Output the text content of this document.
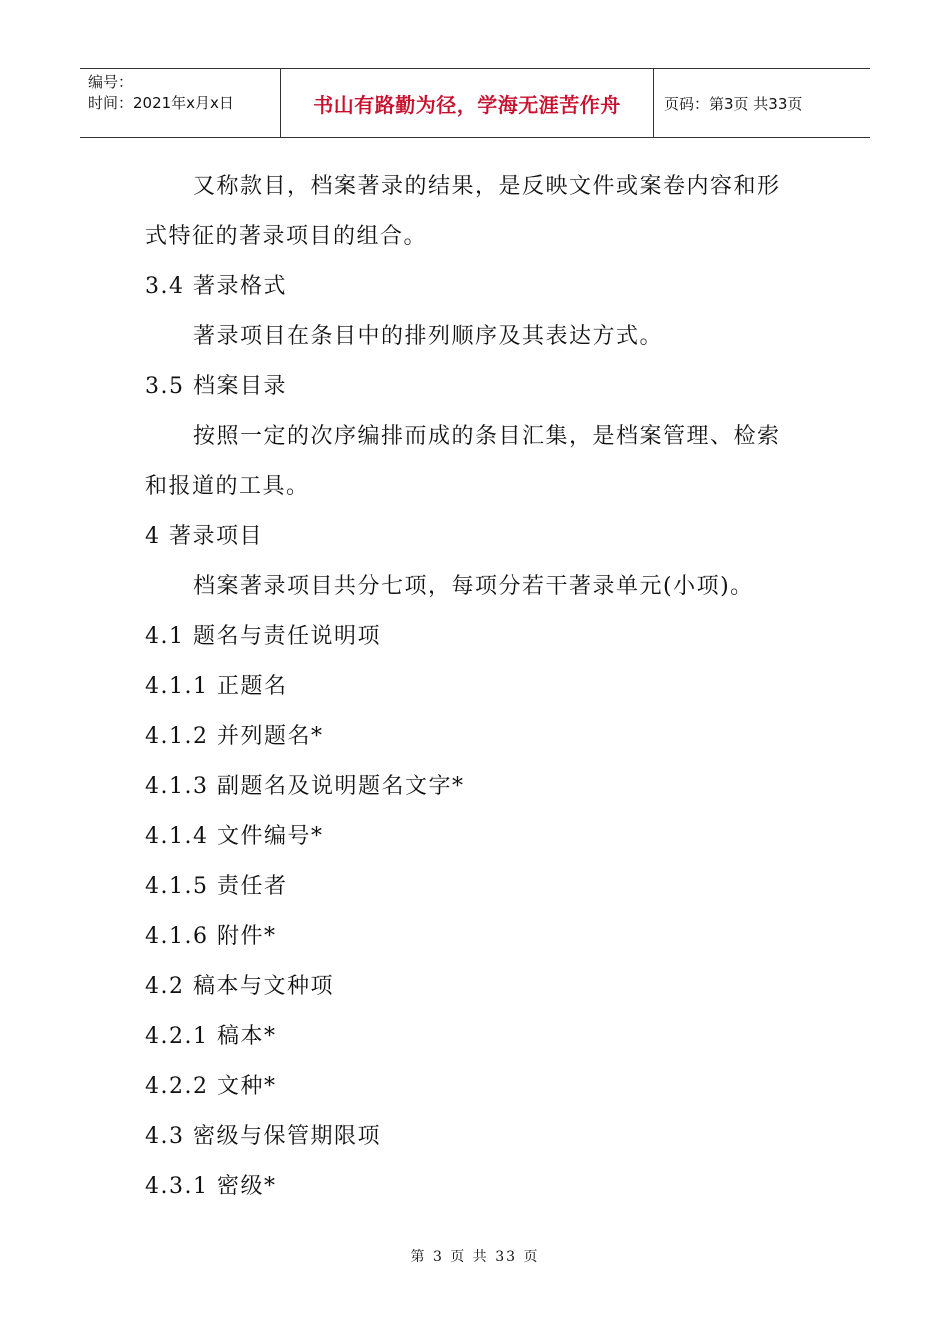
编号：
时间：2021年x月x日	书山有路勤为径，学海无涯苦作舟	页码：第3页 共33页
又称款目，档案著录的结果，是反映文件或案卷内容和形
式特征的著录项目的组合。
3.4 著录格式
著录项目在条目中的排列顺序及其表达方式。
3.5 档案目录
按照一定的次序编排而成的条目汇集，是档案管理、检索
和报道的工具。
4 著录项目
档案著录项目共分七项，每项分若干著录单元(小项)。
4.1 题名与责任说明项
4.1.1 正题名
4.1.2 并列题名*
4.1.3 副题名及说明题名文字*
4.1.4 文件编号*
4.1.5 责任者
4.1.6 附件*
4.2 稿本与文种项
4.2.1 稿本*
4.2.2 文种*
4.3 密级与保管期限项
4.3.1 密级*
第 3 页 共 33 页
